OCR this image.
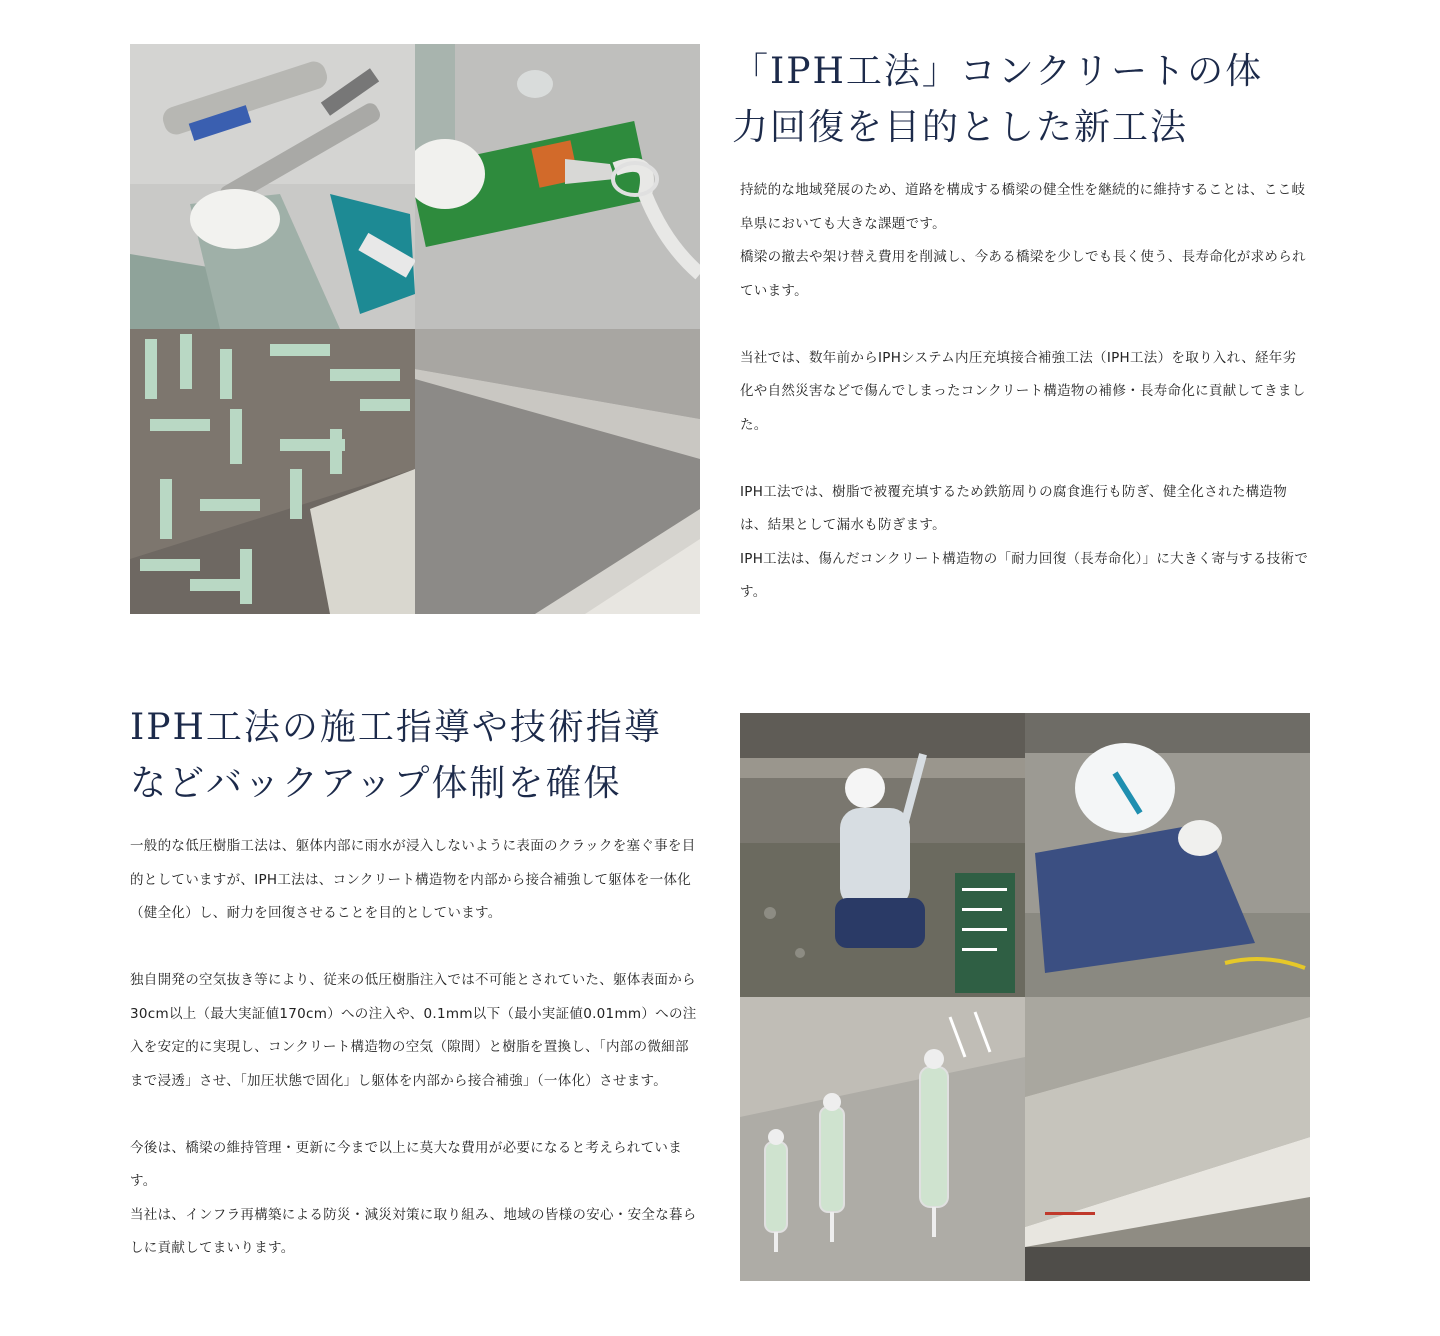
「IPH工法」コンクリートの体
力回復を目的とした新工法

持続的な地域発展のため、道路を構成する橋梁の健全性を継続的に維持することは、ここ岐阜県においても大きな課題です。

橋梁の撤去や架け替え費用を削減し、今ある橋梁を少しでも長く使う、長寿命化が求められています。

当社では、数年前からIPHシステム内圧充填接合補強工法（IPH工法）を取り入れ、経年劣化や自然災害などで傷んでしまったコンクリート構造物の補修・長寿命化に貢献してきました。

IPH工法では、樹脂で被覆充填するため鉄筋周りの腐食進行も防ぎ、健全化された構造物は、結果として漏水も防ぎます。

IPH工法は、傷んだコンクリート構造物の「耐力回復（長寿命化）」に大きく寄与する技術です。

IPH工法の施工指導や技術指導
などバックアップ体制を確保

一般的な低圧樹脂工法は、躯体内部に雨水が浸入しないように表面のクラックを塞ぐ事を目的としていますが、IPH工法は、コンクリート構造物を内部から接合補強して躯体を一体化（健全化）し、耐力を回復させることを目的としています。

独自開発の空気抜き等により、従来の低圧樹脂注入では不可能とされていた、躯体表面から30cm以上（最大実証値170cm）への注入や、0.1mm以下（最小実証値0.01mm）への注入を安定的に実現し、コンクリート構造物の空気（隙間）と樹脂を置換し、「内部の微細部まで浸透」させ、「加圧状態で固化」し躯体を内部から接合補強」（一体化）させます。

今後は、橋梁の維持管理・更新に今まで以上に莫大な費用が必要になると考えられています。

当社は、インフラ再構築による防災・減災対策に取り組み、地域の皆様の安心・安全な暮らしに貢献してまいります。
